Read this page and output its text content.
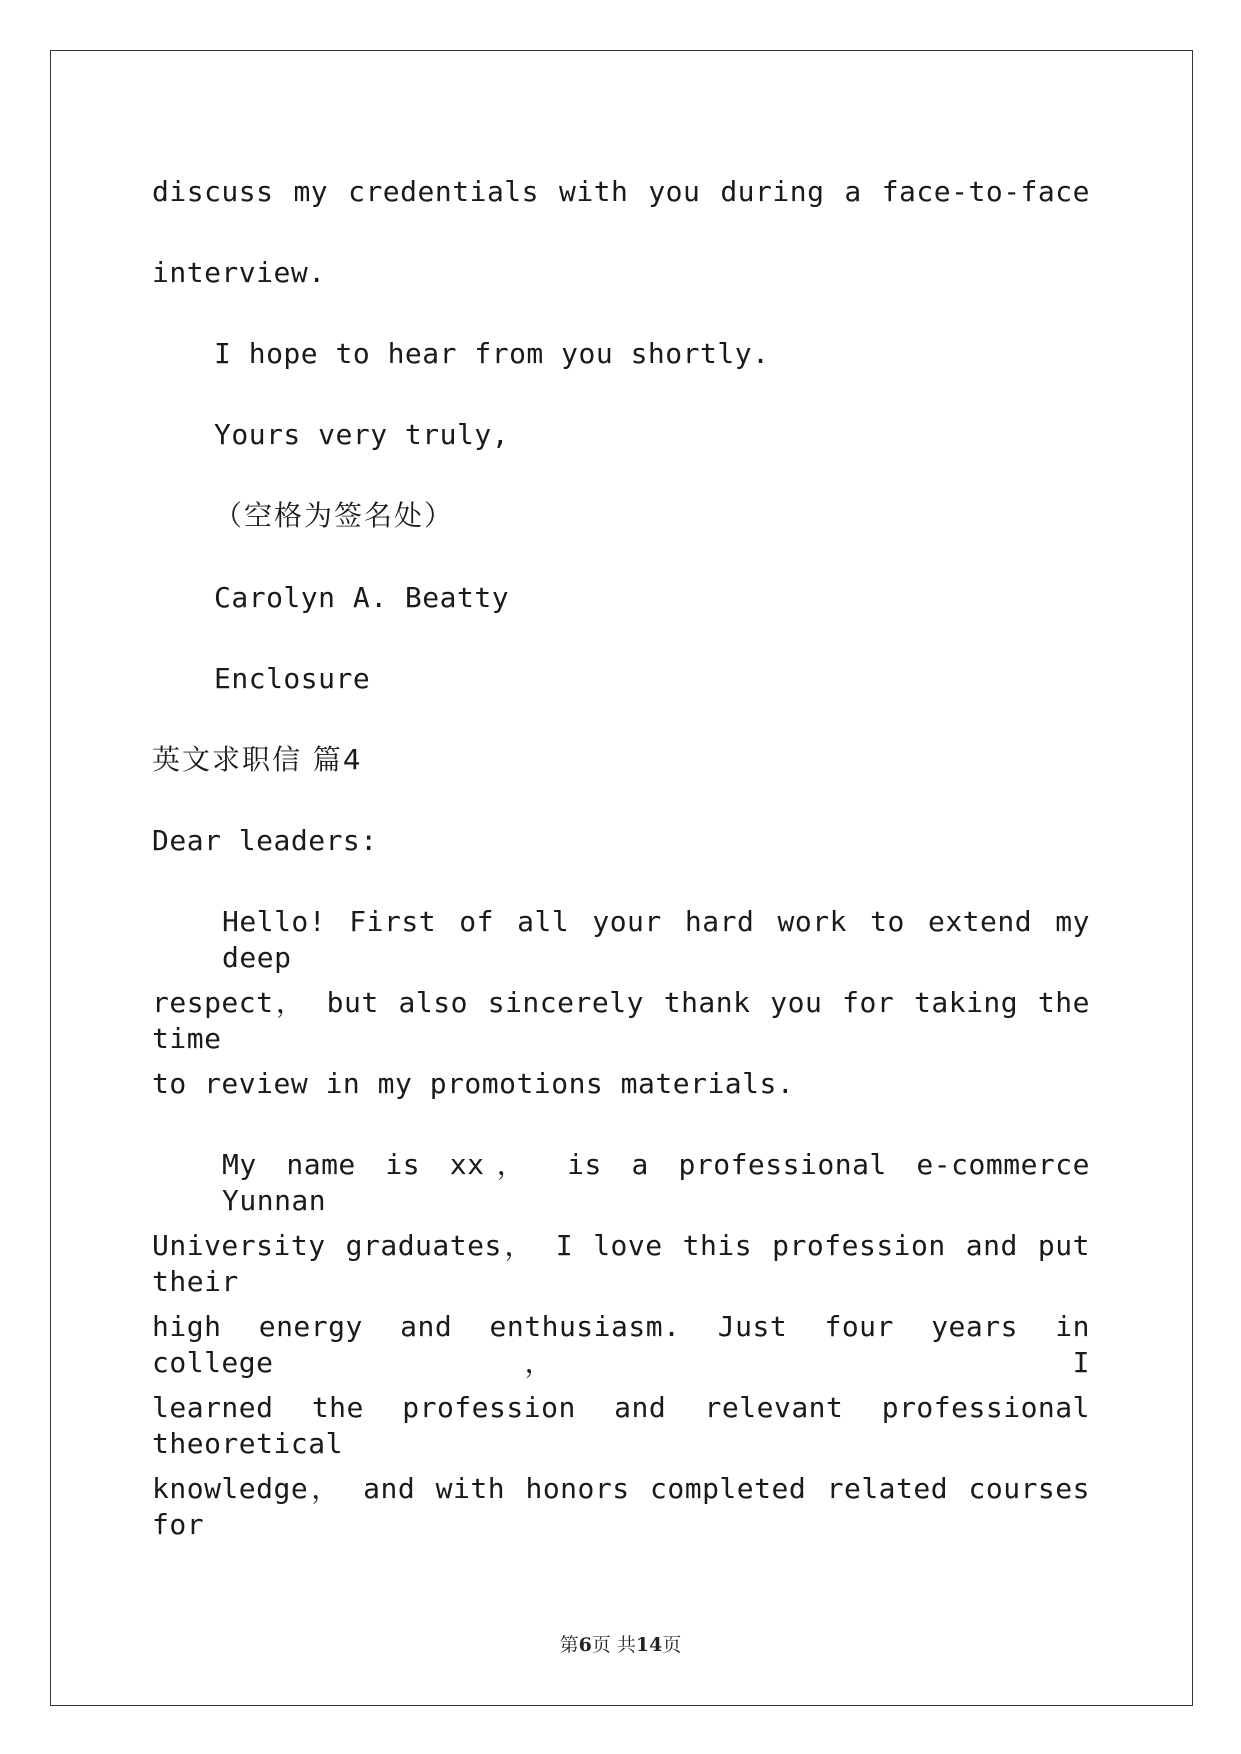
discuss my credentials with you during a face-to-face
interview.
I hope to hear from you shortly.
Yours very truly,
（空格为签名处）
Carolyn A. Beatty
Enclosure
英文求职信 篇4
Dear leaders:
Hello! First of all your hard work to extend my deep
respect， but also sincerely thank you for taking the time
to review in my promotions materials.
My name is xx， is a professional e-commerce Yunnan
University graduates， I love this profession and put their
high energy and enthusiasm. Just four years in college， I
learned the profession and relevant professional theoretical
knowledge， and with honors completed related courses for
第6页 共14页
